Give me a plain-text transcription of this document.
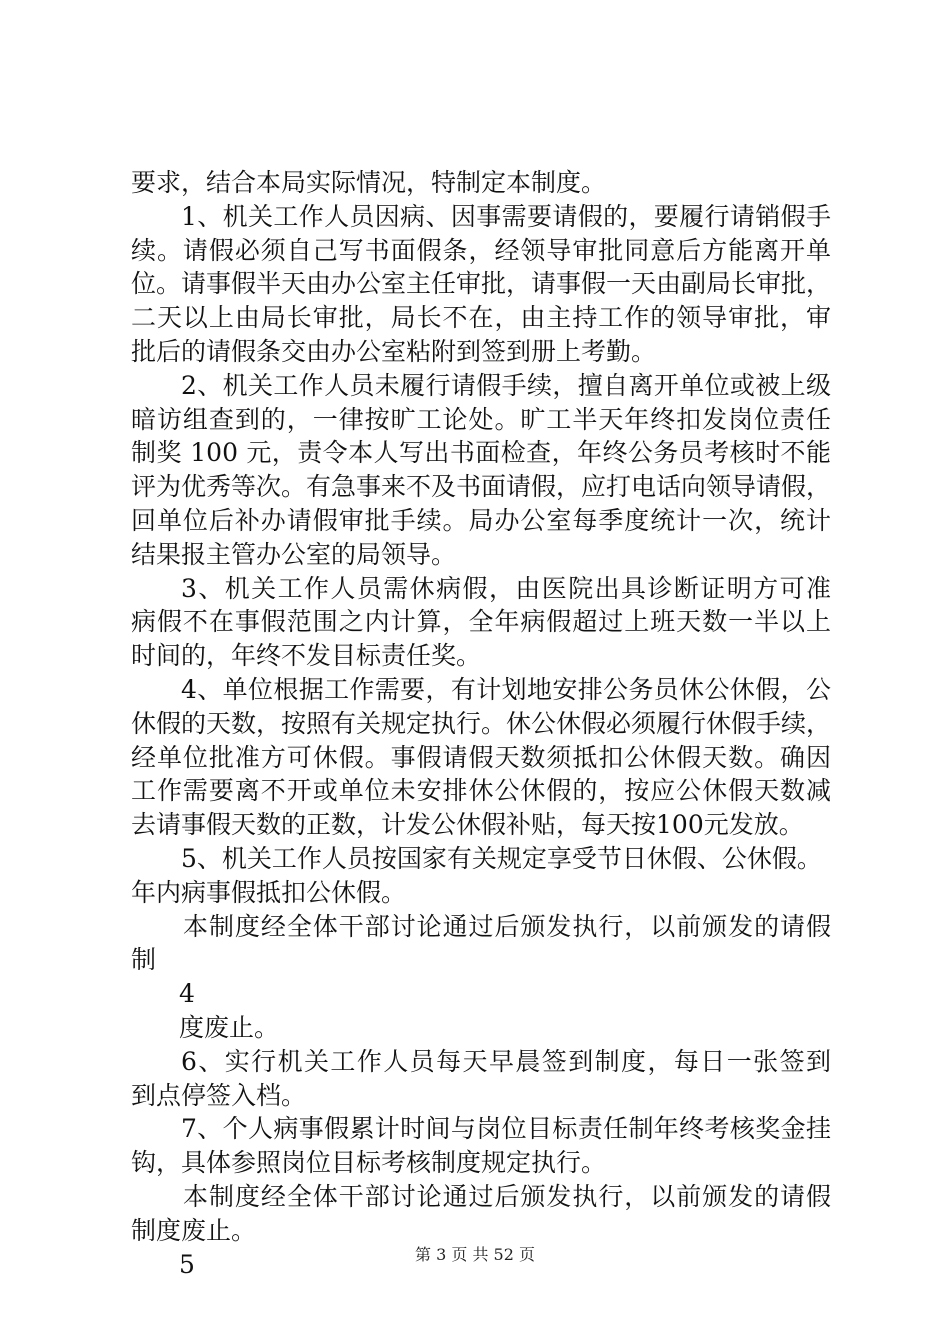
要求，结合本局实际情况，特制定本制度。
1、机关工作人员因病、因事需要请假的，要履行请销假手
续。请假必须自己写书面假条，经领导审批同意后方能离开单
位。请事假半天由办公室主任审批，请事假一天由副局长审批，
二天以上由局长审批，局长不在，由主持工作的领导审批，审
批后的请假条交由办公室粘附到签到册上考勤。
2、机关工作人员未履行请假手续，擅自离开单位或被上级
暗访组查到的，一律按旷工论处。旷工半天年终扣发岗位责任
制奖 100 元，责令本人写出书面检查，年终公务员考核时不能
评为优秀等次。有急事来不及书面请假，应打电话向领导请假，
回单位后补办请假审批手续。局办公室每季度统计一次，统计
结果报主管办公室的局领导。
3、机关工作人员需休病假，由医院出具诊断证明方可准
病假不在事假范围之内计算，全年病假超过上班天数一半以上
时间的，年终不发目标责任奖。
4、单位根据工作需要，有计划地安排公务员休公休假，公
休假的天数，按照有关规定执行。休公休假必须履行休假手续，
经单位批准方可休假。事假请假天数须抵扣公休假天数。确因
工作需要离不开或单位未安排休公休假的，按应公休假天数减
去请事假天数的正数，计发公休假补贴，每天按100元发放。
5、机关工作人员按国家有关规定享受节日休假、公休假。
年内病事假抵扣公休假。
本制度经全体干部讨论通过后颁发执行，以前颁发的请假
制
4
度废止。
6、实行机关工作人员每天早晨签到制度，每日一张签到
到点停签入档。
7、个人病事假累计时间与岗位目标责任制年终考核奖金挂
钩，具体参照岗位目标考核制度规定执行。
本制度经全体干部讨论通过后颁发执行，以前颁发的请假
制度废止。
5	第 3 页 共 52 页
